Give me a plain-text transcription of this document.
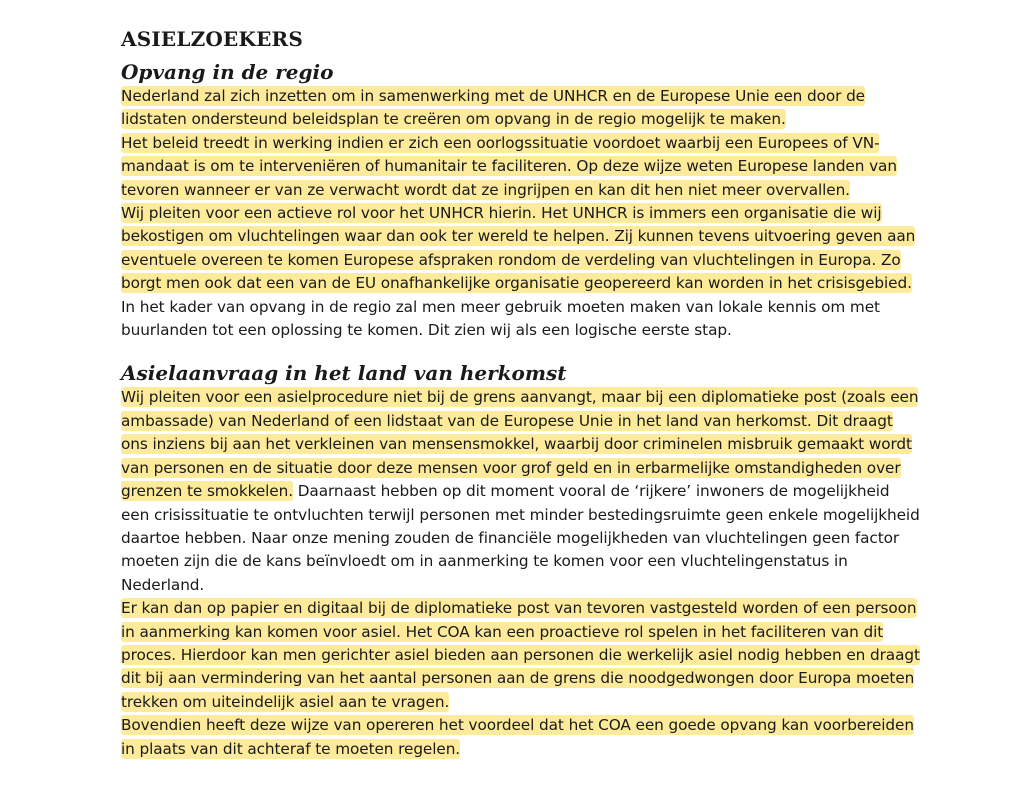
ASIELZOEKERS
Opvang in de regio

Nederland zal zich inzetten om in samenwerking met de UNHCR en de Europese Unie een door de lidstaten ondersteund beleidsplan te creëren om opvang in de regio mogelijk te maken.

Het beleid treedt in werking indien er zich een oorlogssituatie voordoet waarbij een Europees of VN-mandaat is om te interveniëren of humanitair te faciliteren. Op deze wijze weten Europese landen van tevoren wanneer er van ze verwacht wordt dat ze ingrijpen en kan dit hen niet meer overvallen.

Wij pleiten voor een actieve rol voor het UNHCR hierin. Het UNHCR is immers een organisatie die wij bekostigen om vluchtelingen waar dan ook ter wereld te helpen. Zij kunnen tevens uitvoering geven aan eventuele overeen te komen Europese afspraken rondom de verdeling van vluchtelingen in Europa. Zo borgt men ook dat een van de EU onafhankelijke organisatie geopereerd kan worden in het crisisgebied.

In het kader van opvang in de regio zal men meer gebruik moeten maken van lokale kennis om met buurlanden tot een oplossing te komen. Dit zien wij als een logische eerste stap.

Asielaanvraag in het land van herkomst

Wij pleiten voor een asielprocedure niet bij de grens aanvangt, maar bij een diplomatieke post (zoals een ambassade) van Nederland of een lidstaat van de Europese Unie in het land van herkomst. Dit draagt ons inziens bij aan het verkleinen van mensensmokkel, waarbij door criminelen misbruik gemaakt wordt van personen en de situatie door deze mensen voor grof geld en in erbarmelijke omstandigheden over grenzen te smokkelen. Daarnaast hebben op dit moment vooral de ‘rijkere’ inwoners de mogelijkheid een crisissituatie te ontvluchten terwijl personen met minder bestedingsruimte geen enkele mogelijkheid daartoe hebben. Naar onze mening zouden de financiële mogelijkheden van vluchtelingen geen factor moeten zijn die de kans beïnvloedt om in aanmerking te komen voor een vluchtelingenstatus in Nederland.

Er kan dan op papier en digitaal bij de diplomatieke post van tevoren vastgesteld worden of een persoon in aanmerking kan komen voor asiel. Het COA kan een proactieve rol spelen in het faciliteren van dit proces. Hierdoor kan men gerichter asiel bieden aan personen die werkelijk asiel nodig hebben en draagt dit bij aan vermindering van het aantal personen aan de grens die noodgedwongen door Europa moeten trekken om uiteindelijk asiel aan te vragen.

Bovendien heeft deze wijze van opereren het voordeel dat het COA een goede opvang kan voorbereiden in plaats van dit achteraf te moeten regelen.
